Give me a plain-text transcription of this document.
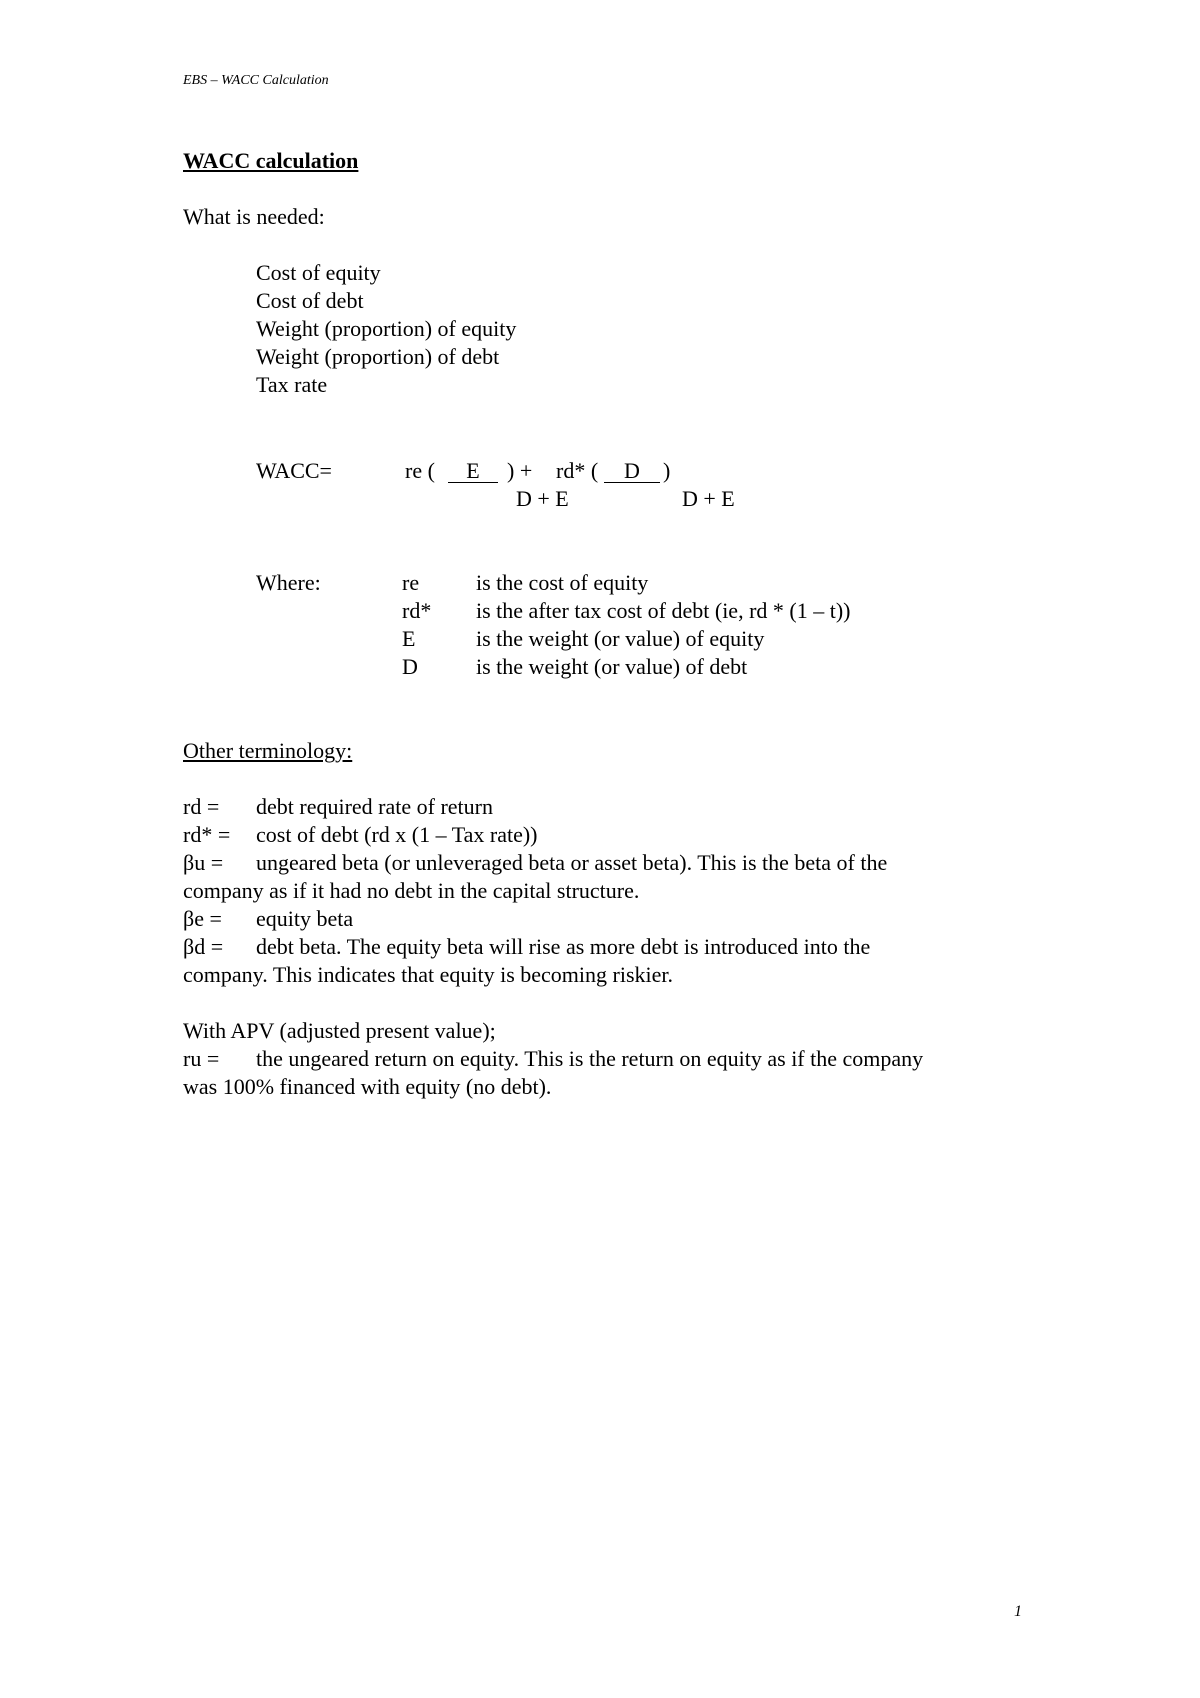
EBS – WACC Calculation
WACC calculation
What is needed:
Cost of equity
Cost of debt
Weight (proportion) of equity
Weight (proportion) of debt
Tax rate
WACC=	re (	E	) + rd* (	D	)
D + E	D + E
Where:	re	is the cost of equity
rd* is the after tax cost of debt (ie, rd * (1 – t))
E	is the weight (or value) of equity
D	is the weight (or value) of debt
Other terminology:
rd = debt required rate of return
rd* = cost of debt (rd x (1 – Tax rate))
βu = ungeared beta (or unleveraged beta or asset beta). This is the beta of the
company as if it had no debt in the capital structure.
βe = equity beta
βd = debt beta. The equity beta will rise as more debt is introduced into the
company. This indicates that equity is becoming riskier.
With APV (adjusted present value);
ru = the ungeared return on equity. This is the return on equity as if the company
was 100% financed with equity (no debt).
1
